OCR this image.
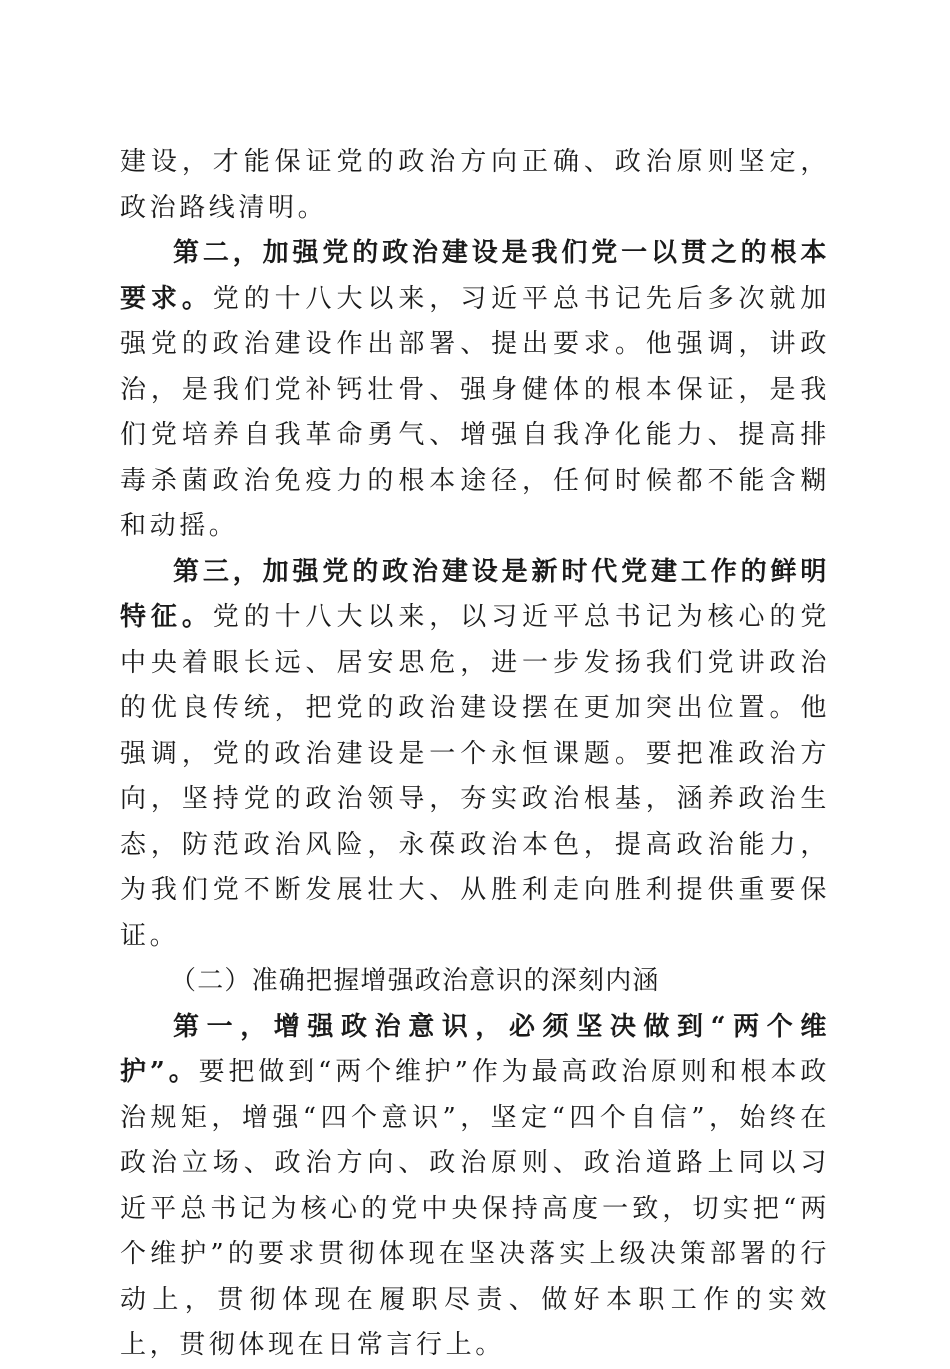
建设，才能保证党的政治方向正确、政治原则坚定，政治路线清明。

第二，加强党的政治建设是我们党一以贯之的根本要求。党的十八大以来，习近平总书记先后多次就加强党的政治建设作出部署、提出要求。他强调，讲政治，是我们党补钙壮骨、强身健体的根本保证，是我们党培养自我革命勇气、增强自我净化能力、提高排毒杀菌政治免疫力的根本途径，任何时候都不能含糊和动摇。

第三，加强党的政治建设是新时代党建工作的鲜明特征。党的十八大以来，以习近平总书记为核心的党中央着眼长远、居安思危，进一步发扬我们党讲政治的优良传统，把党的政治建设摆在更加突出位置。他强调，党的政治建设是一个永恒课题。要把准政治方向，坚持党的政治领导，夯实政治根基，涵养政治生态，防范政治风险，永葆政治本色，提高政治能力，为我们党不断发展壮大、从胜利走向胜利提供重要保证。

（二）准确把握增强政治意识的深刻内涵

第一，增强政治意识，必须坚决做到“两个维护”。要把做到“两个维护”作为最高政治原则和根本政治规矩，增强“四个意识”，坚定“四个自信”，始终在政治立场、政治方向、政治原则、政治道路上同以习近平总书记为核心的党中央保持高度一致，切实把“两个维护”的要求贯彻体现在坚决落实上级决策部署的行动上，贯彻体现在履职尽责、做好本职工作的实效上，贯彻体现在日常言行上。
